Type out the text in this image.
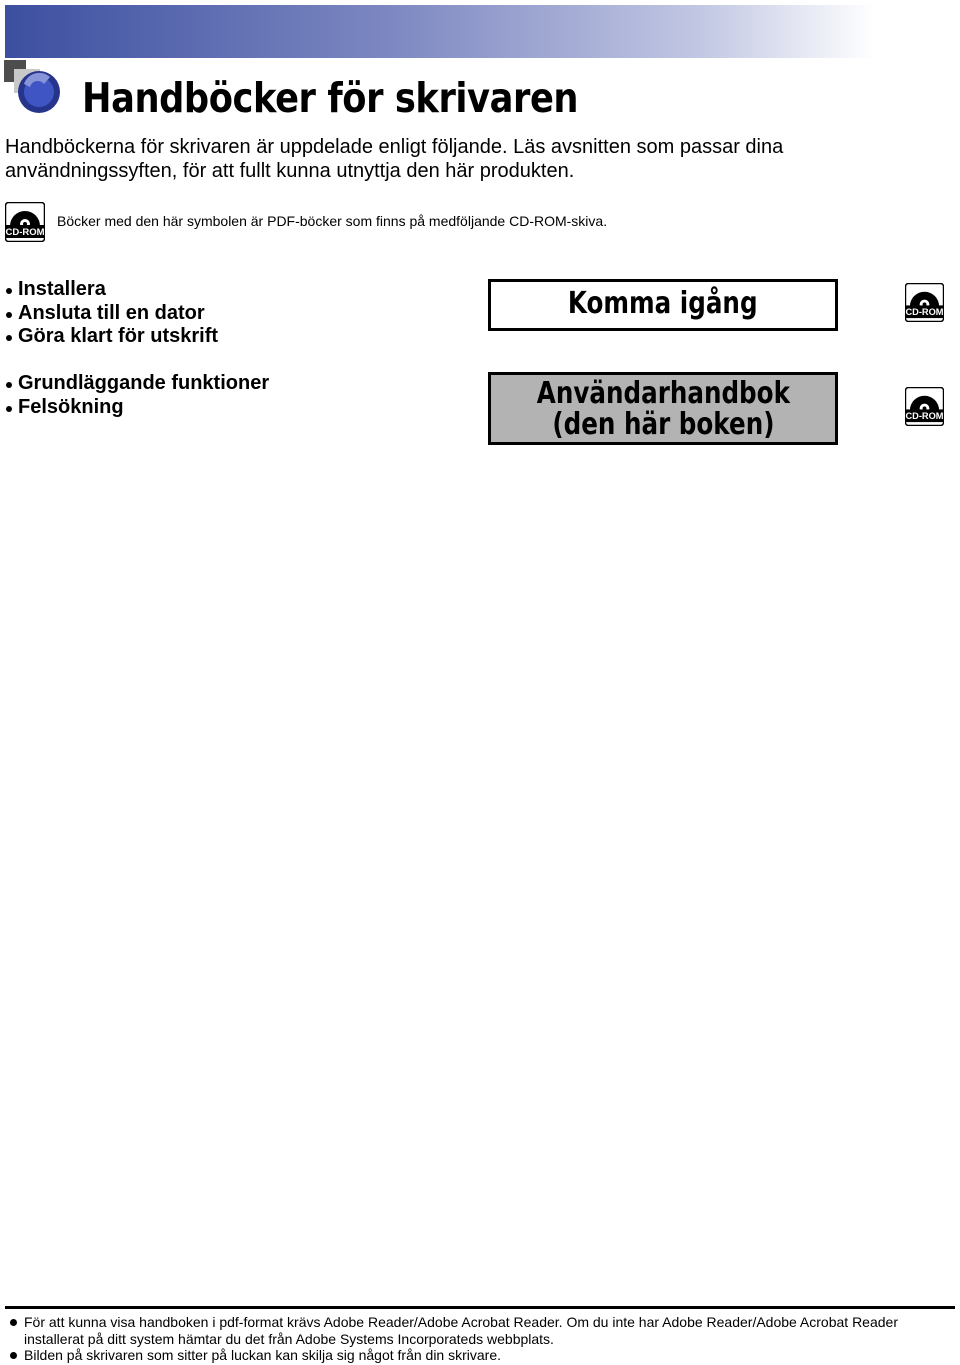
Handböcker för skrivaren

Handböckerna för skrivaren är uppdelade enligt följande. Läs avsnitten som passar dina användningssyften, för att fullt kunna utnyttja den här produkten.

CD-ROM
Böcker med den här symbolen är PDF-böcker som finns på medföljande CD-ROM-skiva.
Installera
Ansluta till en dator
Göra klart för utskrift
Grundläggande funktioner
Felsökning
Komma igång
Användarhandbok
(den här boken)
CD-ROM
CD-ROM
För att kunna visa handboken i pdf-format krävs Adobe Reader/Adobe Acrobat Reader. Om du inte har Adobe Reader/Adobe Acrobat Reader installerat på ditt system hämtar du det från Adobe Systems Incorporateds webbplats.
Bilden på skrivaren som sitter på luckan kan skilja sig något från din skrivare.
